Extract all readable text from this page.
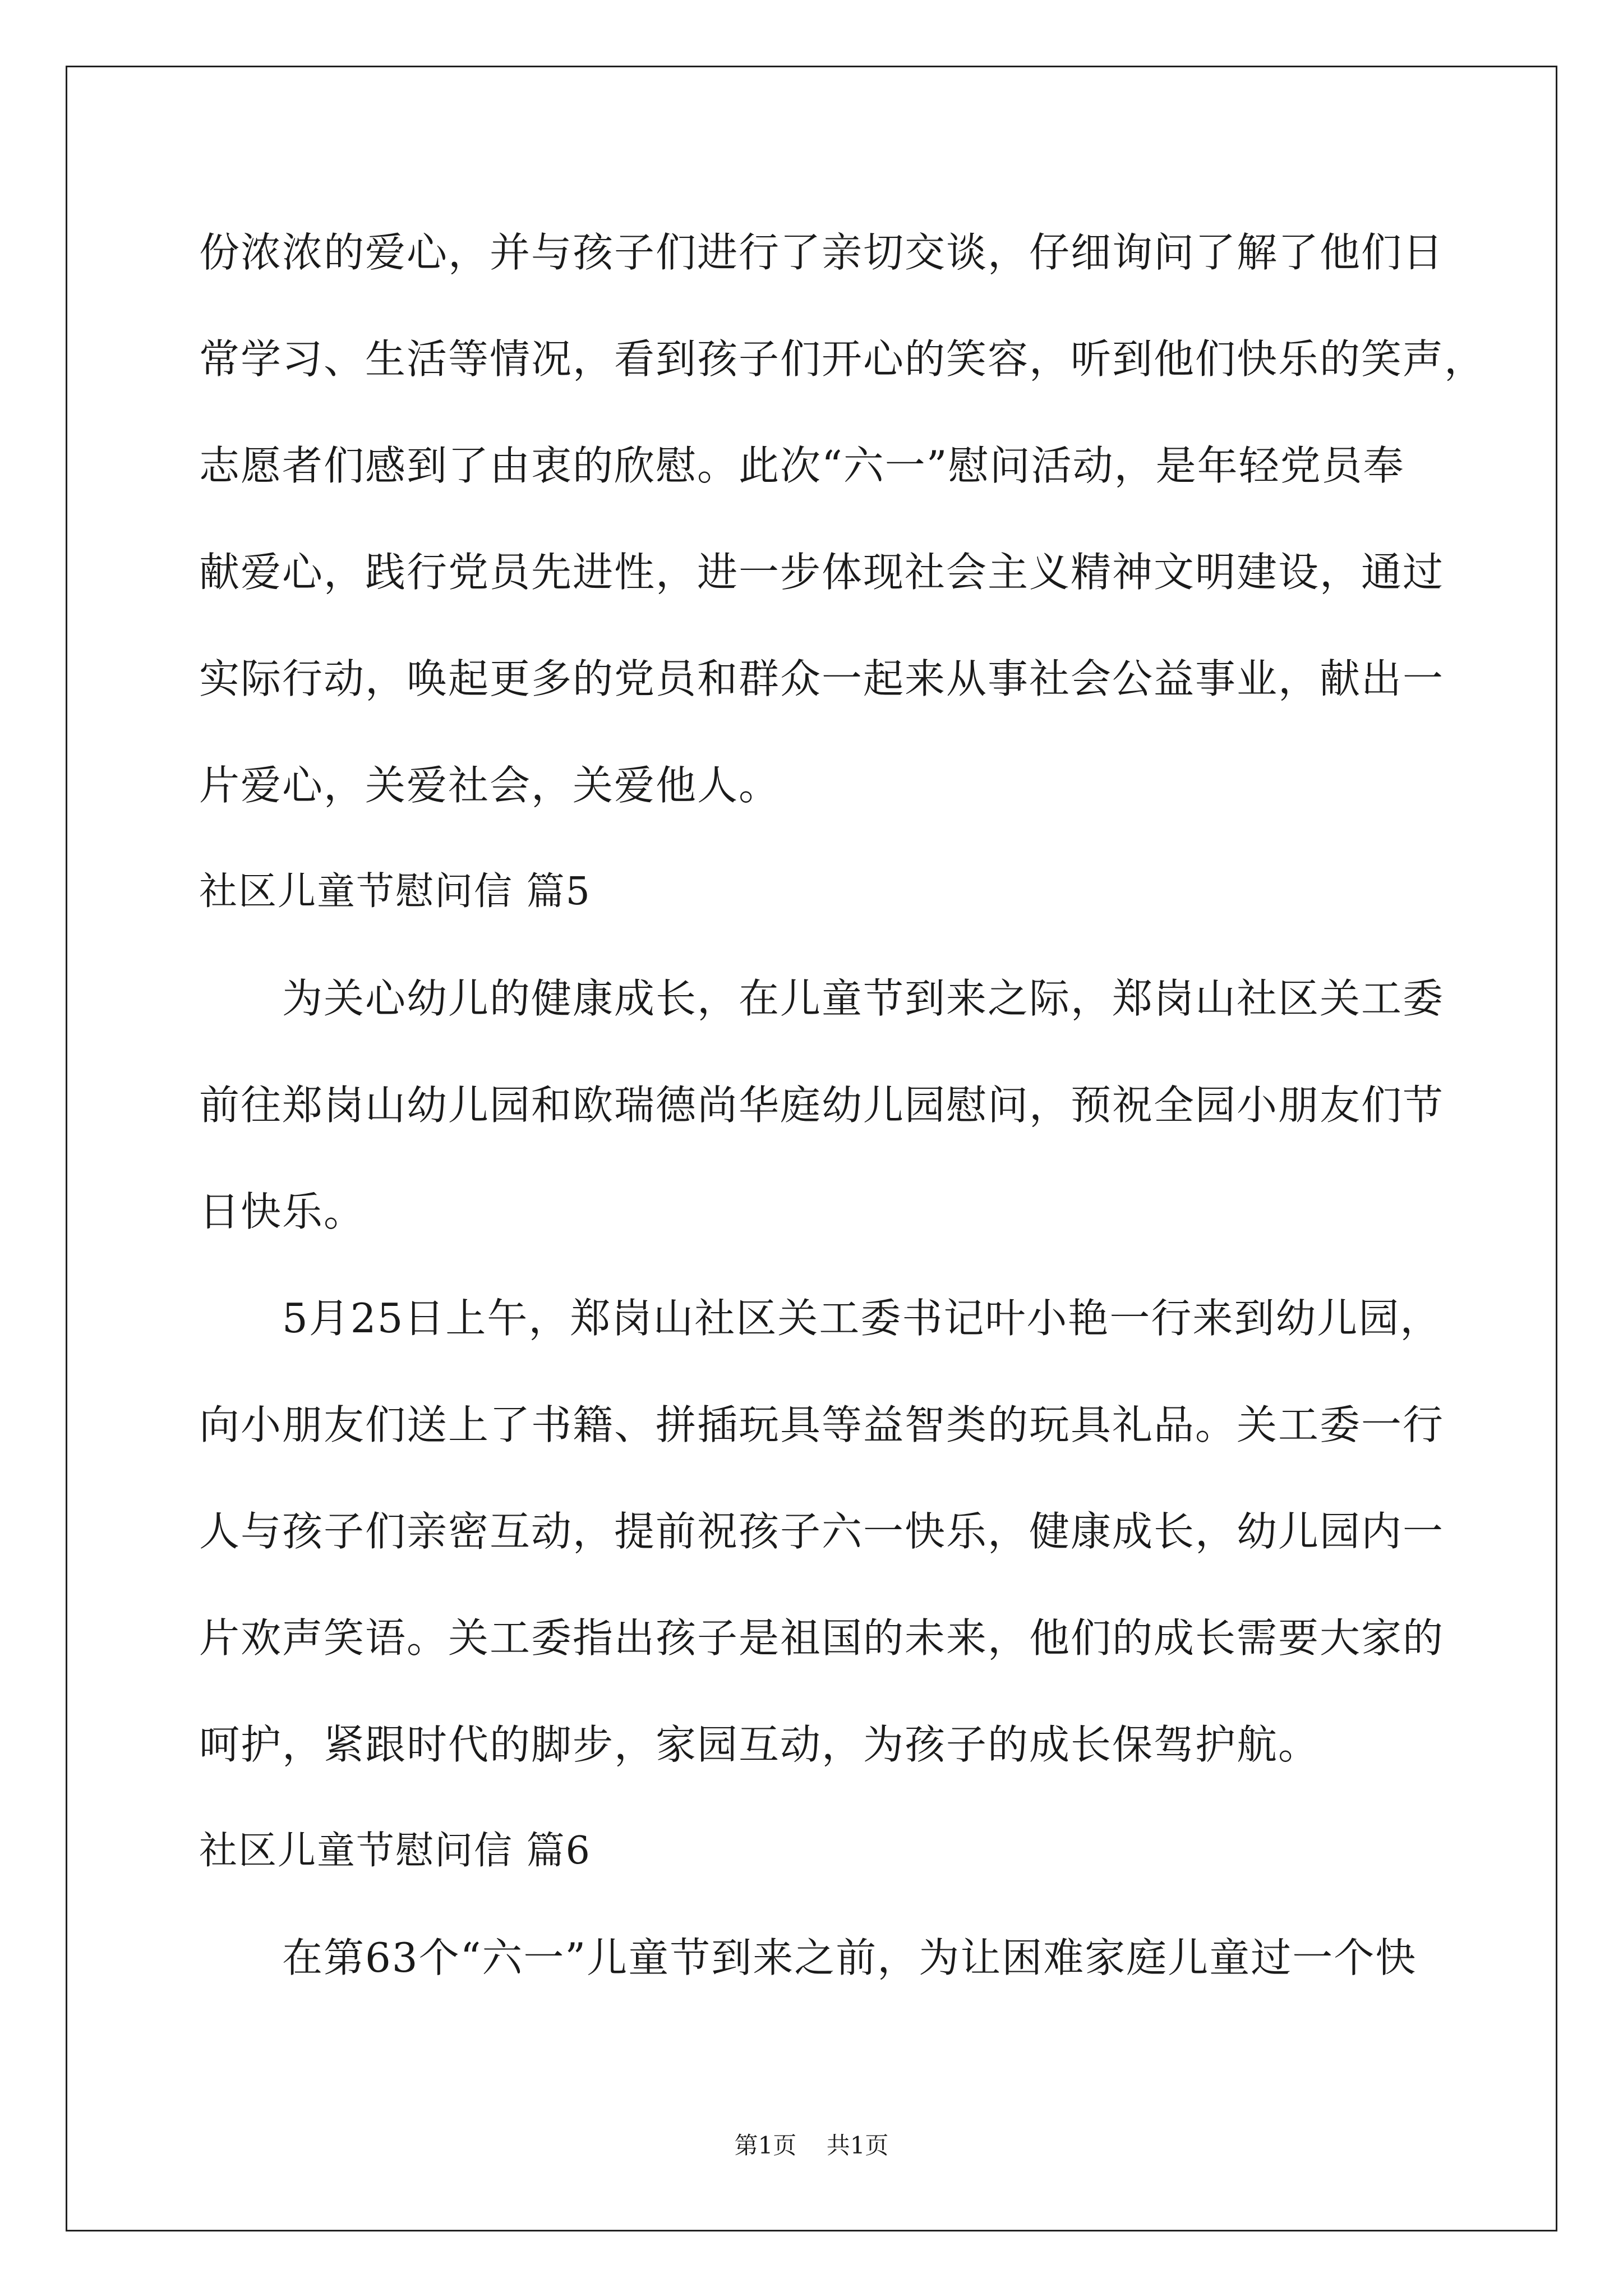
份浓浓的爱心，并与孩子们进行了亲切交谈，仔细询问了解了他们日
常学习、生活等情况，看到孩子们开心的笑容，听到他们快乐的笑声，
志愿者们感到了由衷的欣慰。此次“六一”慰问活动，是年轻党员奉
献爱心，践行党员先进性，进一步体现社会主义精神文明建设，通过
实际行动，唤起更多的党员和群众一起来从事社会公益事业，献出一
片爱心，关爱社会，关爱他人。
社区儿童节慰问信 篇5
为关心幼儿的健康成长，在儿童节到来之际，郑岗山社区关工委
前往郑岗山幼儿园和欧瑞德尚华庭幼儿园慰问，预祝全园小朋友们节
日快乐。
5月25日上午，郑岗山社区关工委书记叶小艳一行来到幼儿园，
向小朋友们送上了书籍、拼插玩具等益智类的玩具礼品。关工委一行
人与孩子们亲密互动，提前祝孩子六一快乐，健康成长，幼儿园内一
片欢声笑语。关工委指出孩子是祖国的未来，他们的成长需要大家的
呵护，紧跟时代的脚步，家园互动，为孩子的成长保驾护航。
社区儿童节慰问信 篇6
在第63个“六一”儿童节到来之前，为让困难家庭儿童过一个快
第1页 共1页
